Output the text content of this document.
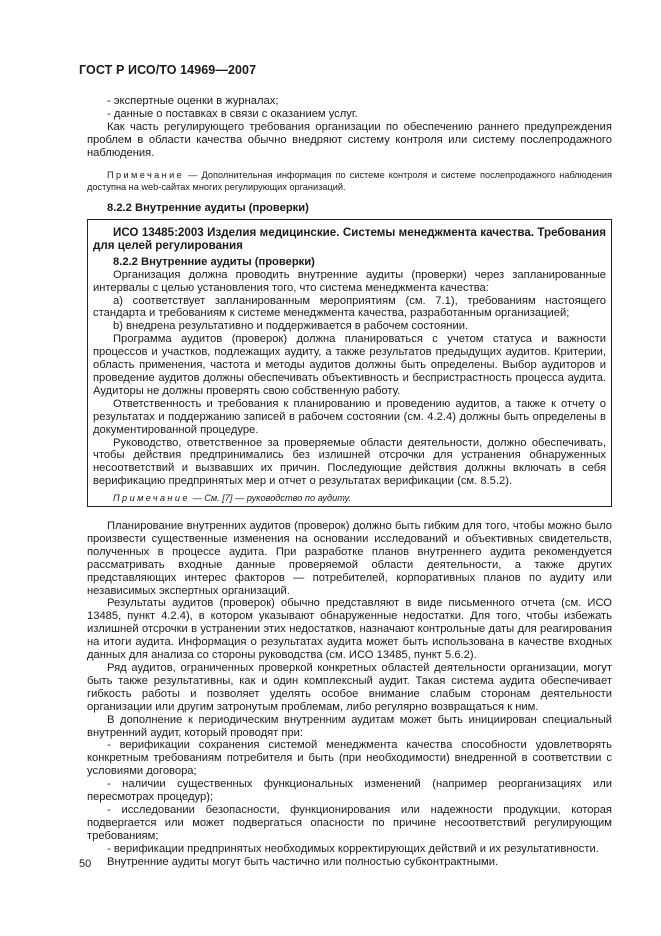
ГОСТ Р ИСО/ТО 14969—2007

- экспертные оценки в журналах;

- данные о поставках в связи с оказанием услуг.

Как часть регулирующего требования организации по обеспечению раннего предупреждения проблем в области качества обычно внедряют систему контроля или систему послепродажного наблюдения.

Примечание — Дополнительная информация по системе контроля и системе послепродажного наблюдения доступна на web-сайтах многих регулирующих организаций.

8.2.2 Внутренние аудиты (проверки)

ИСО 13485:2003 Изделия медицинские. Системы менеджмента качества. Требования для целей регулирования

8.2.2 Внутренние аудиты (проверки)

Организация должна проводить внутренние аудиты (проверки) через запланированные интервалы с целью установления того, что система менеджмента качества:

a) соответствует запланированным мероприятиям (см. 7.1), требованиям настоящего стандарта и требованиям к системе менеджмента качества, разработанным организацией;

b) внедрена результативно и поддерживается в рабочем состоянии.

Программа аудитов (проверок) должна планироваться с учетом статуса и важности процессов и участков, подлежащих аудиту, а также результатов предыдущих аудитов. Критерии, область применения, частота и методы аудитов должны быть определены. Выбор аудиторов и проведение аудитов должны обеспечивать объективность и беспристрастность процесса аудита. Аудиторы не должны проверять свою собственную работу.

Ответственность и требования к планированию и проведению аудитов, а также к отчету о результатах и поддержанию записей в рабочем состоянии (см. 4.2.4) должны быть определены в документированной процедуре.

Руководство, ответственное за проверяемые области деятельности, должно обеспечивать, чтобы действия предпринимались без излишней отсрочки для устранения обнаруженных несоответствий и вызвавших их причин. Последующие действия должны включать в себя верификацию предпринятых мер и отчет о результатах верификации (см. 8.5.2).

Примечание — См. [7] — руководство по аудиту.

Планирование внутренних аудитов (проверок) должно быть гибким для того, чтобы можно было произвести существенные изменения на основании исследований и объективных свидетельств, полученных в процессе аудита. При разработке планов внутреннего аудита рекомендуется рассматривать входные данные проверяемой области деятельности, а также других представляющих интерес факторов — потребителей, корпоративных планов по аудиту или независимых экспертных организаций.

Результаты аудитов (проверок) обычно представляют в виде письменного отчета (см. ИСО 13485, пункт 4.2.4), в котором указывают обнаруженные недостатки. Для того, чтобы избежать излишней отсрочки в устранении этих недостатков, назначают контрольные даты для реагирования на итоги аудита. Информация о результатах аудита может быть использована в качестве входных данных для анализа со стороны руководства (см. ИСО 13485, пункт 5.6.2).

Ряд аудитов, ограниченных проверкой конкретных областей деятельности организации, могут быть также результативны, как и один комплексный аудит. Такая система аудита обеспечивает гибкость работы и позволяет уделять особое внимание слабым сторонам деятельности организации или другим затронутым проблемам, либо регулярно возвращаться к ним.

В дополнение к периодическим внутренним аудитам может быть инициирован специальный внутренний аудит, который проводят при:

- верификации сохранения системой менеджмента качества способности удовлетворять конкретным требованиям потребителя и быть (при необходимости) внедренной в соответствии с условиями договора;

- наличии существенных функциональных изменений (например реорганизациях или пересмотрах процедур);

- исследовании безопасности, функционирования или надежности продукции, которая подвергается или может подвергаться опасности по причине несоответствий регулирующим требованиям;

- верификации предпринятых необходимых корректирующих действий и их результативности.

Внутренние аудиты могут быть частично или полностью субконтрактными.

50
